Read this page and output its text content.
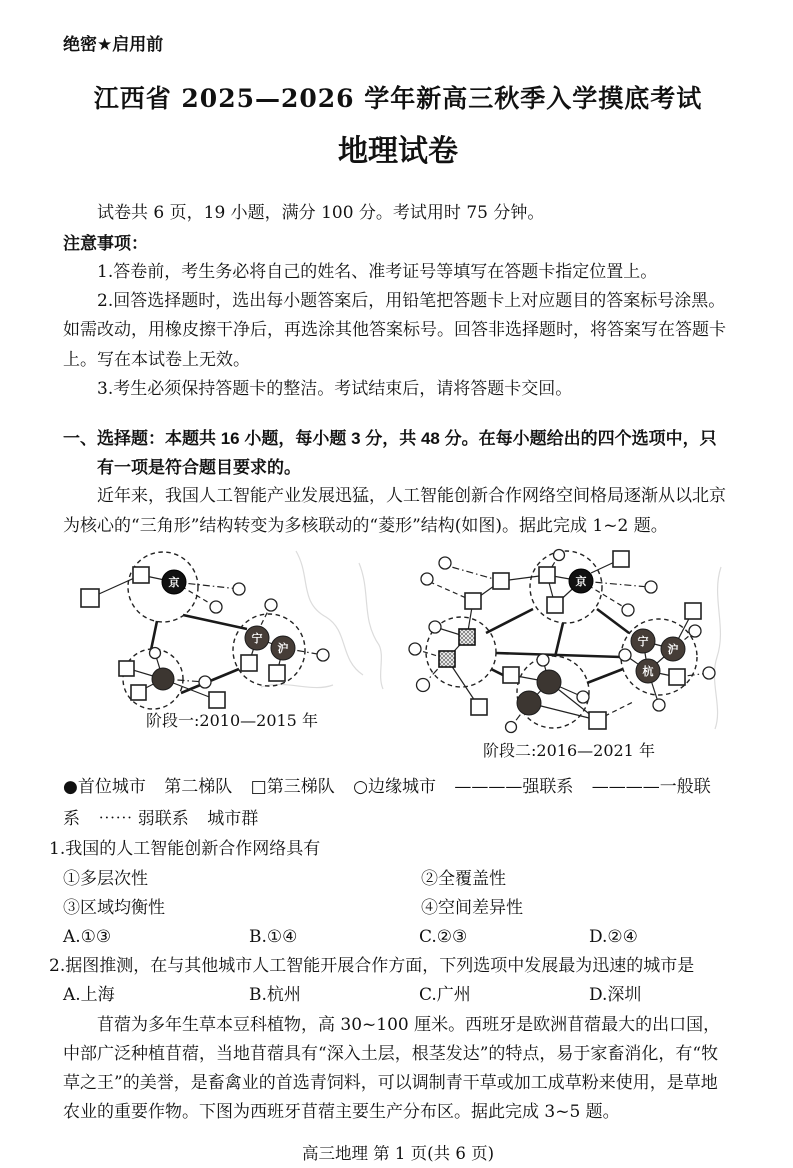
绝密★启用前
江西省 2025—2026 学年新高三秋季入学摸底考试
地理试卷

试卷共 6 页，19 小题，满分 100 分。考试用时 75 分钟。

注意事项：

1.答卷前，考生务必将自己的姓名、准考证号等填写在答题卡指定位置上。

2.回答选择题时，选出每小题答案后，用铅笔把答题卡上对应题目的答案标号涂黑。如需改动，用橡皮擦干净后，再选涂其他答案标号。回答非选择题时，将答案写在答题卡上。写在本试卷上无效。

3.考生必须保持答题卡的整洁。考试结束后，请将答题卡交回。

一、选择题：本题共 16 小题，每小题 3 分，共 48 分。在每小题给出的四个选项中，只有一项是符合题目要求的。

近年来，我国人工智能产业发展迅猛，人工智能创新合作网络空间格局逐渐从以北京为核心的“三角形”结构转变为多核联动的“菱形”结构(如图)。据此完成 1~2 题。

京
宁
沪
阶段一:2010—2015 年
京
宁
沪
杭
阶段二:2016—2021 年
●首位城市 第二梯队 □第三梯队 ○边缘城市 ————强联系 ————一般联系 ⋯⋯ 弱联系 城市群
1.我国的人工智能创新合作网络具有
①多层次性	②全覆盖性
③区域均衡性	④空间差异性
A.①③	B.①④	C.②③	D.②④
2.据图推测，在与其他城市人工智能开展合作方面，下列选项中发展最为迅速的城市是
A.上海	B.杭州	C.广州	D.深圳

苜蓿为多年生草本豆科植物，高 30~100 厘米。西班牙是欧洲苜蓿最大的出口国，中部广泛种植苜蓿，当地苜蓿具有“深入土层，根茎发达”的特点，易于家畜消化，有“牧草之王”的美誉，是畜禽业的首选青饲料，可以调制青干草或加工成草粉来使用，是草地农业的重要作物。下图为西班牙苜蓿主要生产分布区。据此完成 3~5 题。

高三地理 第 1 页(共 6 页)
